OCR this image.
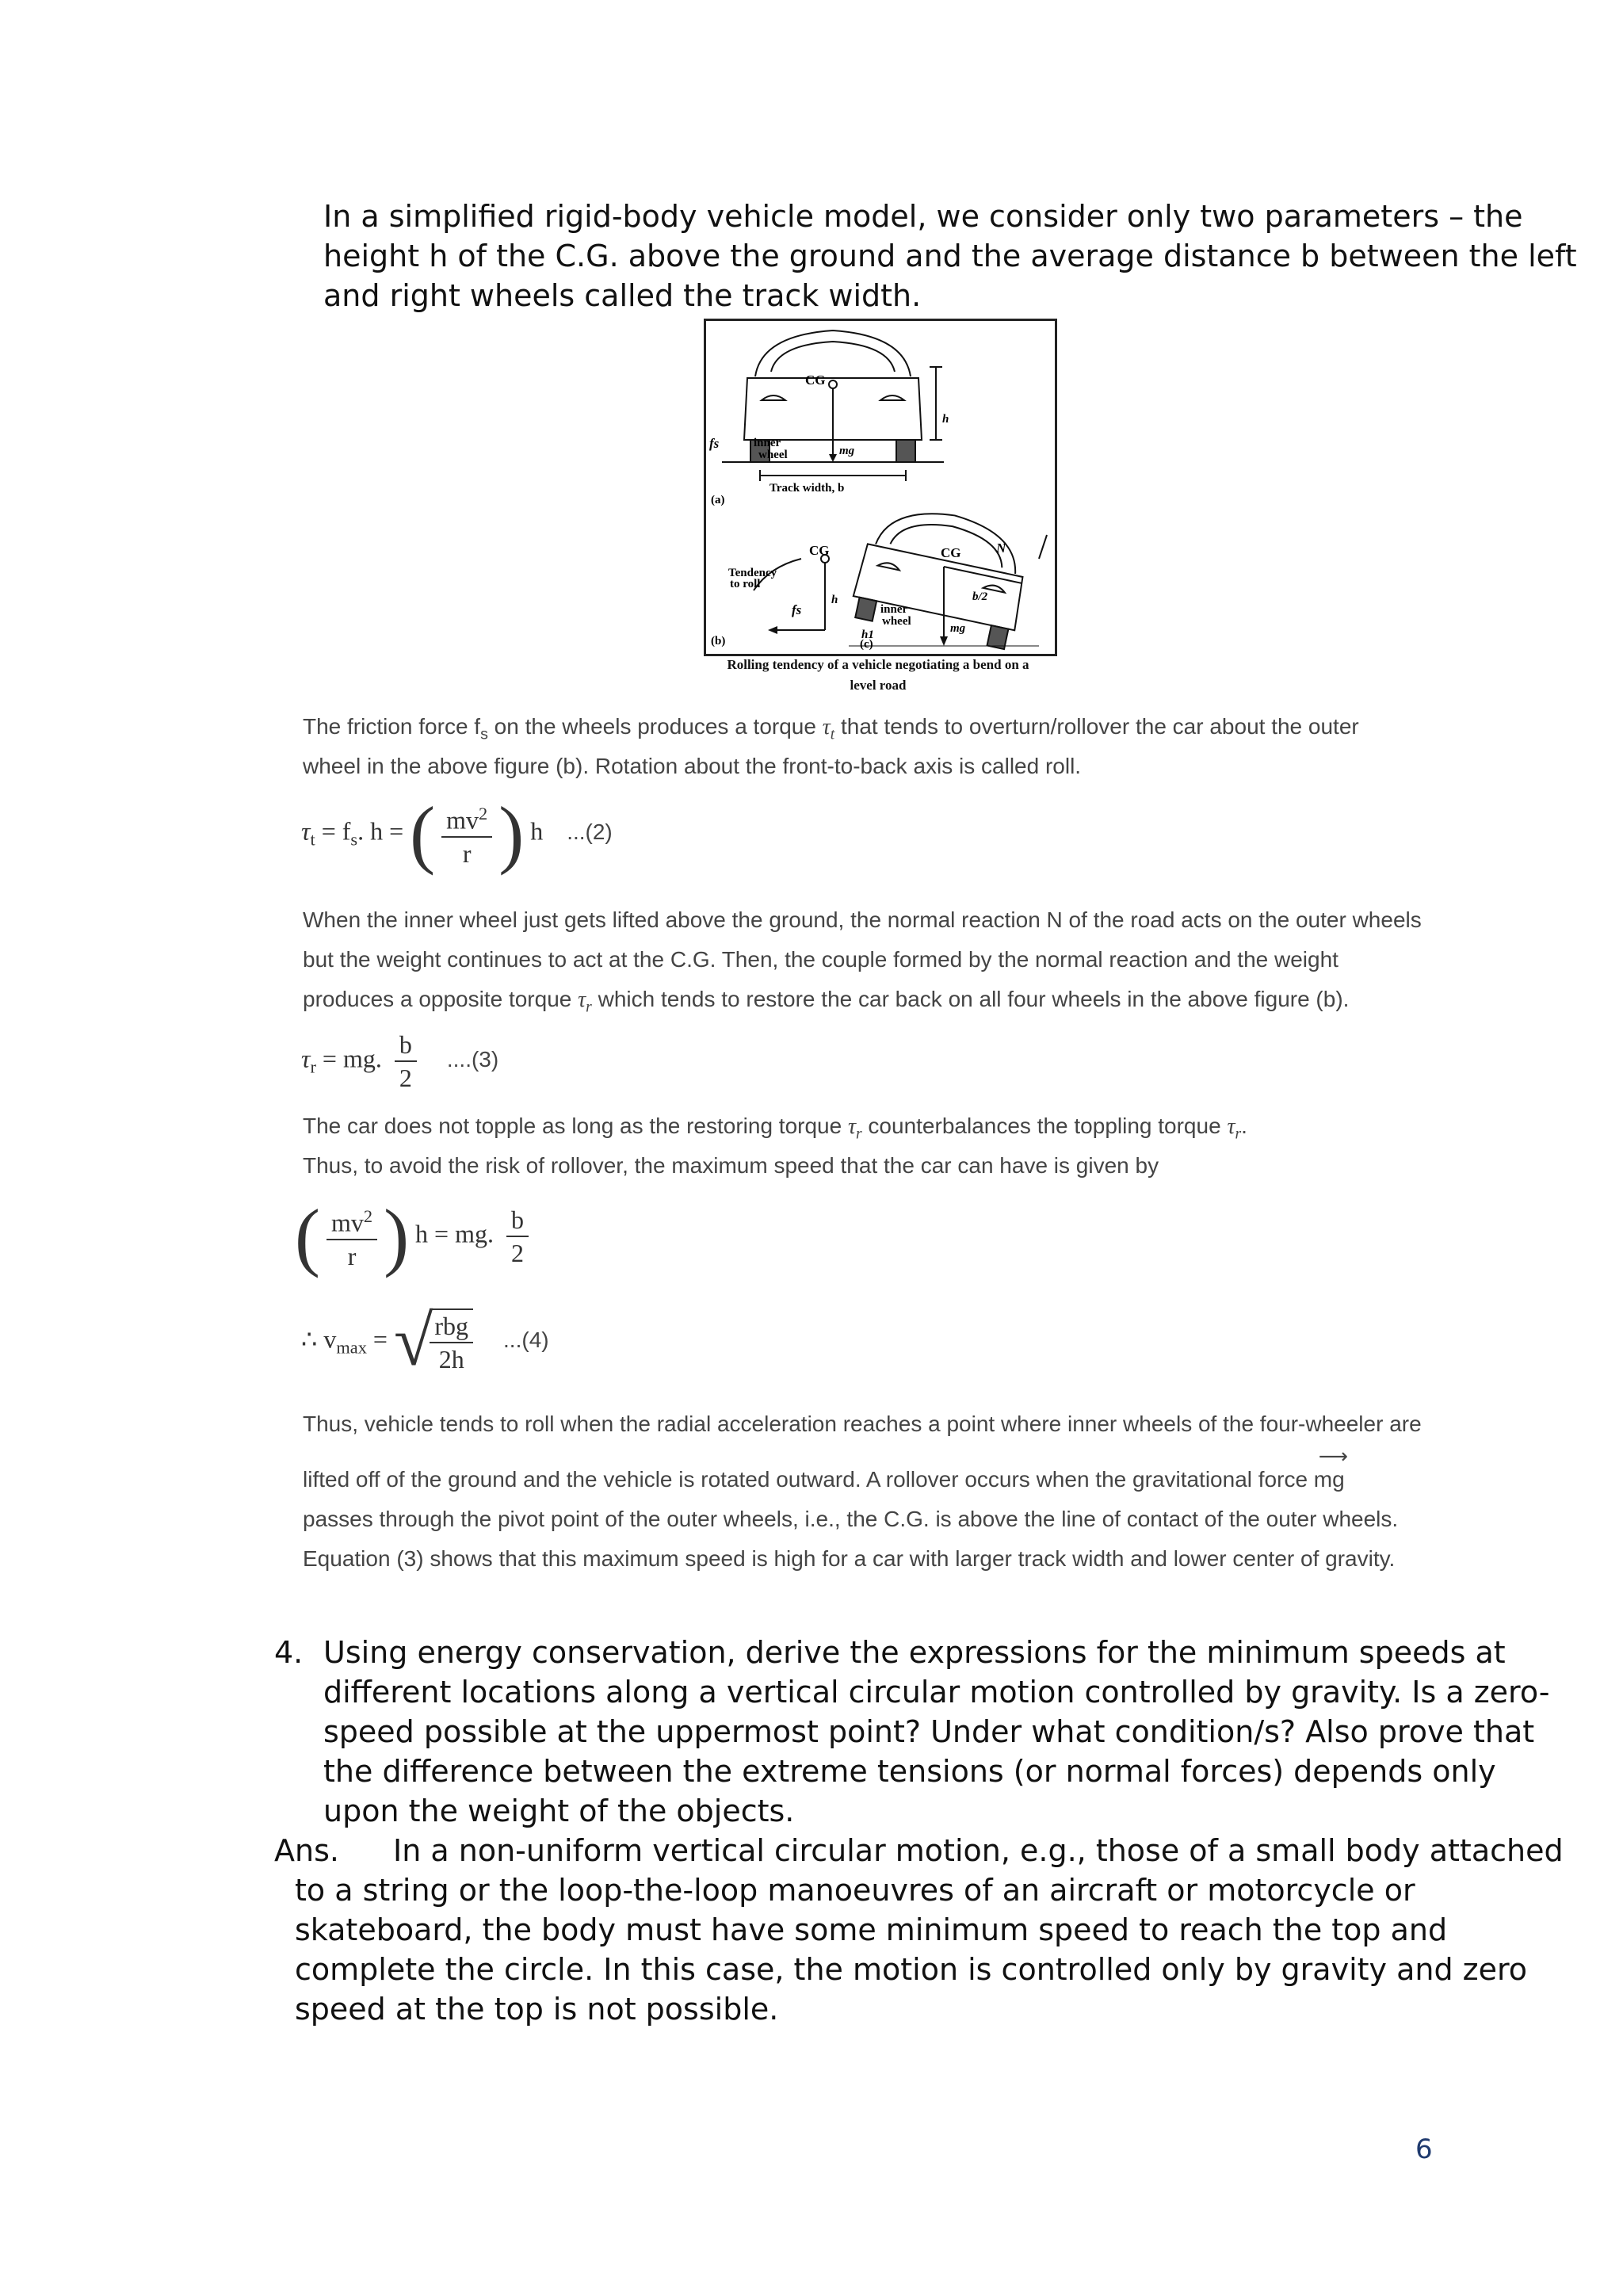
In a simplified rigid-body vehicle model, we consider only two parameters – the
height h of the C.G. above the ground and the average distance b between the left
and right wheels called the track width.
CG
h
fs	inner
wheel	mg
Track width, b
(a)
CG
Tendency
to roll
h
fs
(b)
CG	N
b/2
inner
wheel
h1	mg
(c)
Rolling tendency of a vehicle negotiating a bend on a
level road
The friction force $f_s$ on the wheels produces a torque $\tau_t$ that tends to overturn/rollover the car about the outer
wheel in the above figure (b). Rotation about the front-to-back axis is called roll.
$\tau_t = f_s$. h = ( $\frac{mv^2}{r}$ ) h ...(2)
When the inner wheel just gets lifted above the ground, the normal reaction N of the road acts on the outer wheels
but the weight continues to act at the C.G. Then, the couple formed by the normal reaction and the weight
produces a opposite torque $\tau_r$ which tends to restore the car back on all four wheels in the above figure (b).
$\tau_r$ = mg. $\frac{b}{2} ....(3)$
The car does not topple as long as the restoring torque $\tau_r$ counterbalances the toppling torque $\tau_r$.
Thus, to avoid the risk of rollover, the maximum speed that the car can have is given by
( $\frac{mv^2}{r}$ ) h = mg. $\frac{b}{2}$
∴ $v_{max}$ = √
$\frac{\text{rbg}}{2h} ...(4)$
Thus, vehicle tends to roll when the radial acceleration reaches a point where inner wheels of the four-wheeler are
lifted off of the ground and the vehicle is rotated outward. A rollover occurs when the gravitational force
⟶
mg
passes through the pivot point of the outer wheels, i.e., the C.G. is above the line of contact of the outer wheels.
Equation (3) shows that this maximum speed is high for a car with larger track width and lower center of gravity.
4. Using energy conservation, derive the expressions for the minimum speeds at
different locations along a vertical circular motion controlled by gravity. Is a zero-
speed possible at the uppermost point? Under what condition/s? Also prove that
the difference between the extreme tensions (or normal forces) depends only
upon the weight of the objects.
Ans. In a non-uniform vertical circular motion, e.g., those of a small body attached
to a string or the loop-the-loop manoeuvres of an aircraft or motorcycle or
skateboard, the body must have some minimum speed to reach the top and
complete the circle. In this case, the motion is controlled only by gravity and zero
speed at the top is not possible.
6
